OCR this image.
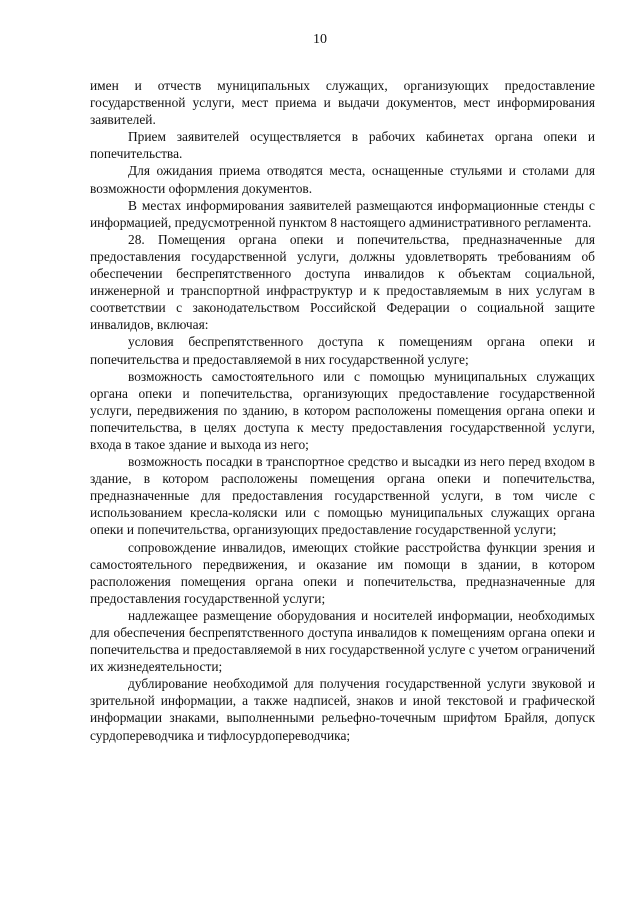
10

имен и отчеств муниципальных служащих, организующих предоставление государственной услуги, мест приема и выдачи документов, мест информирования заявителей.

Прием заявителей осуществляется в рабочих кабинетах органа опеки и попечительства.

Для ожидания приема отводятся места, оснащенные стульями и столами для возможности оформления документов.

В местах информирования заявителей размещаются информационные стенды с информацией, предусмотренной пунктом 8 настоящего административного регламента.

28. Помещения органа опеки и попечительства, предназначенные для предоставления государственной услуги, должны удовлетворять требованиям об обеспечении беспрепятственного доступа инвалидов к объектам социальной, инженерной и транспортной инфраструктур и к предоставляемым в них услугам в соответствии с законодательством Российской Федерации о социальной защите инвалидов, включая:

условия беспрепятственного доступа к помещениям органа опеки и попечительства и предоставляемой в них государственной услуге;

возможность самостоятельного или с помощью муниципальных служащих органа опеки и попечительства, организующих предоставление государственной услуги, передвижения по зданию, в котором расположены помещения органа опеки и попечительства, в целях доступа к месту предоставления государственной услуги, входа в такое здание и выхода из него;

возможность посадки в транспортное средство и высадки из него перед входом в здание, в котором расположены помещения органа опеки и попечительства, предназначенные для предоставления государственной услуги, в том числе с использованием кресла-коляски или с помощью муниципальных служащих органа опеки и попечительства, организующих предоставление государственной услуги;

сопровождение инвалидов, имеющих стойкие расстройства функции зрения и самостоятельного передвижения, и оказание им помощи в здании, в котором расположения помещения органа опеки и попечительства, предназначенные для предоставления государственной услуги;

надлежащее размещение оборудования и носителей информации, необходимых для обеспечения беспрепятственного доступа инвалидов к помещениям органа опеки и попечительства и предоставляемой в них государственной услуге с учетом ограничений их жизнедеятельности;

дублирование необходимой для получения государственной услуги звуковой и зрительной информации, а также надписей, знаков и иной текстовой и графической информации знаками, выполненными рельефно-точечным шрифтом Брайля, допуск сурдопереводчика и тифлосурдопереводчика;
